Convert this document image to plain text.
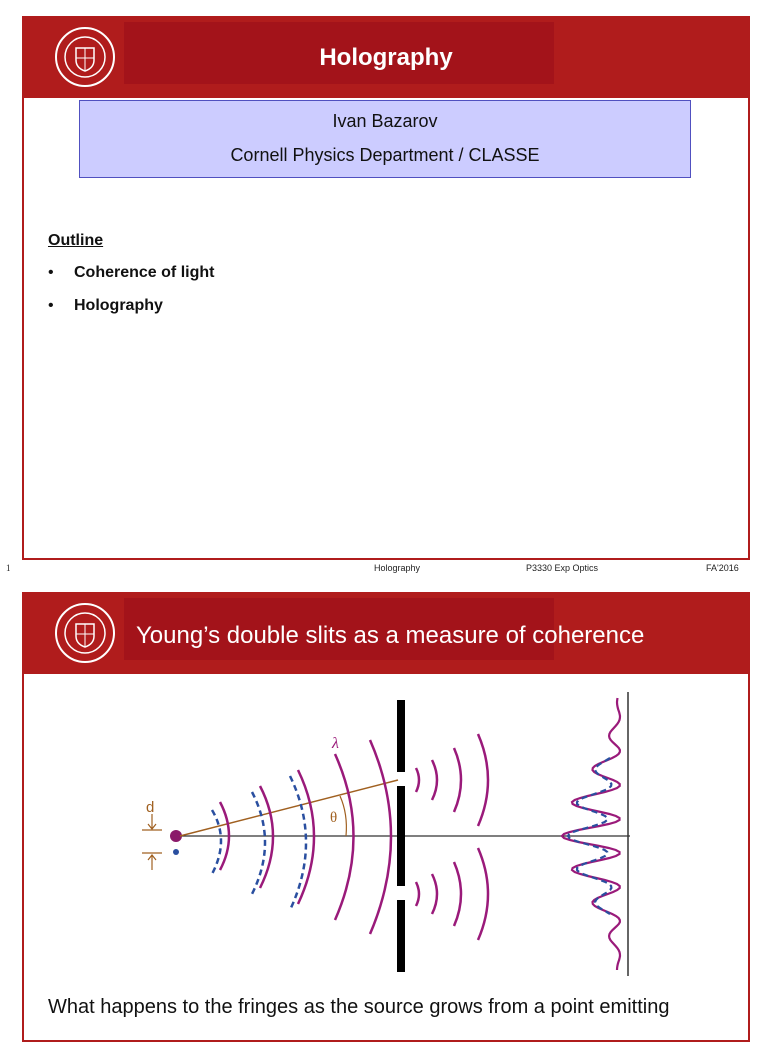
Holography
Ivan Bazarov
Cornell Physics Department / CLASSE
Outline
• Coherence of light
• Holography
1	Holography	P3330 Exp Optics	FA'2016
Young’s double slits as a measure of coherence
d
θ
λ
What happens to the fringes as the source grows from a point emitting
